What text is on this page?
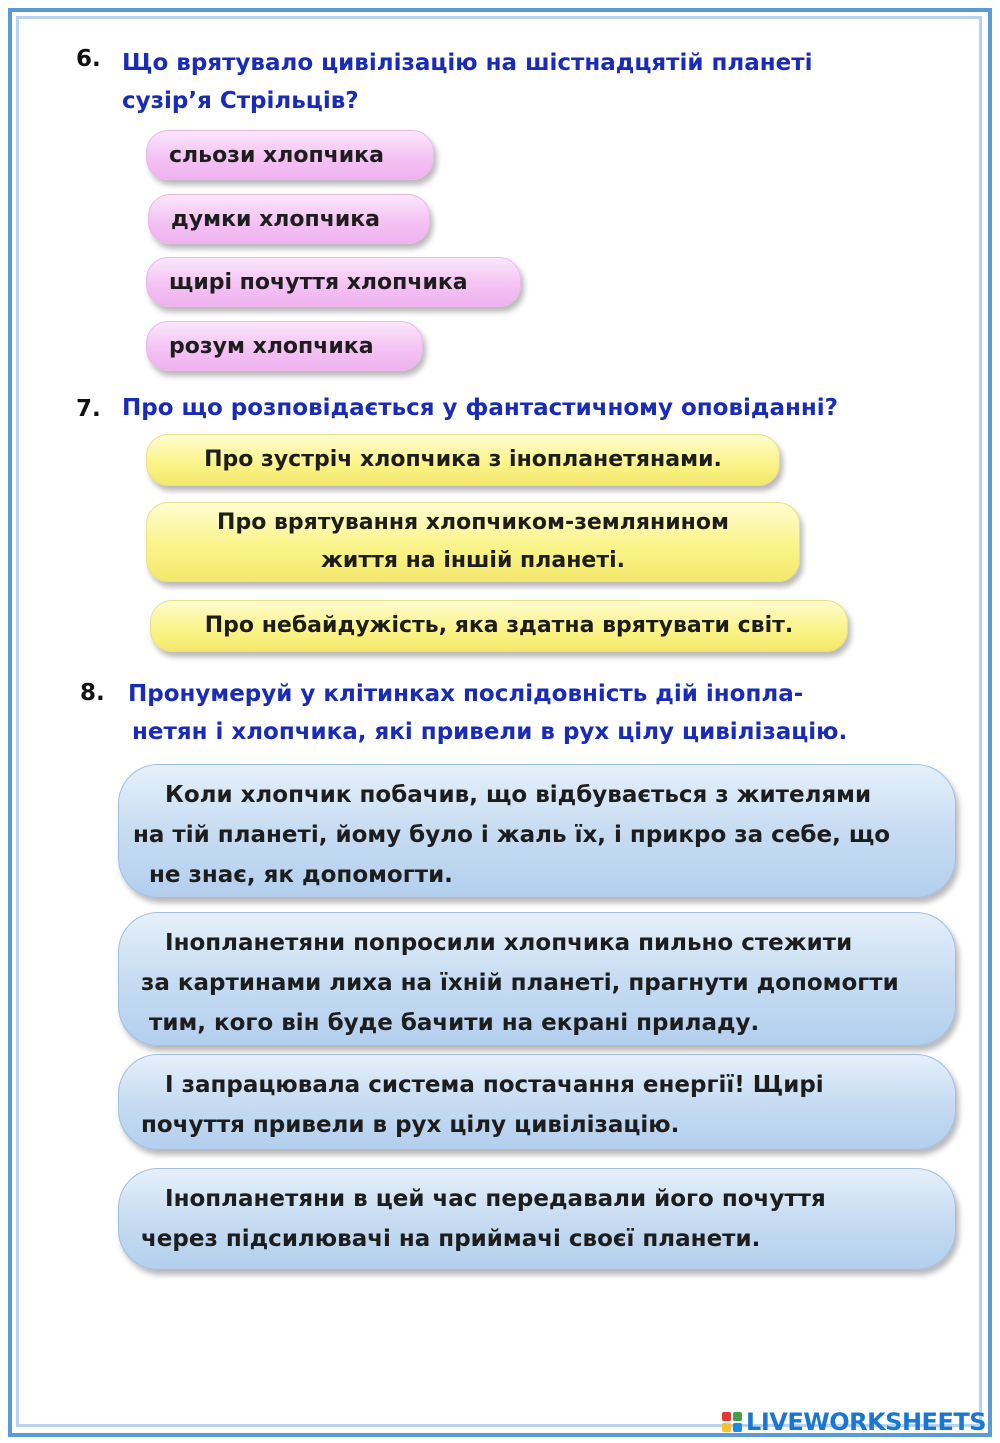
6. Що врятувало цивілізацію на шістнадцятій планеті
сузір’я Стрільців?
сльози хлопчика
думки хлопчика
щирі почуття хлопчика
розум хлопчика
7. Про що розповідається у фантастичному оповіданні?
Про зустріч хлопчика з інопланетянами.
Про врятування хлопчиком-землянином
життя на іншій планеті.
Про небайдужість, яка здатна врятувати світ.
8. Пронумеруй у клітинках послідовність дій інопла-
нетян і хлопчика, які привели в рух цілу цивілізацію.
Коли хлопчик побачив, що відбувається з жителями
на тій планеті, йому було і жаль їх, і прикро за себе, що
не знає, як допомогти.
Інопланетяни попросили хлопчика пильно стежити
за картинами лиха на їхній планеті, прагнути допомогти
тим, кого він буде бачити на екрані приладу.
І запрацювала система постачання енергії! Щирі
почуття привели в рух цілу цивілізацію.
Інопланетяни в цей час передавали його почуття
через підсилювачі на приймачі своєї планети.
LIVEWORKSHEETS
